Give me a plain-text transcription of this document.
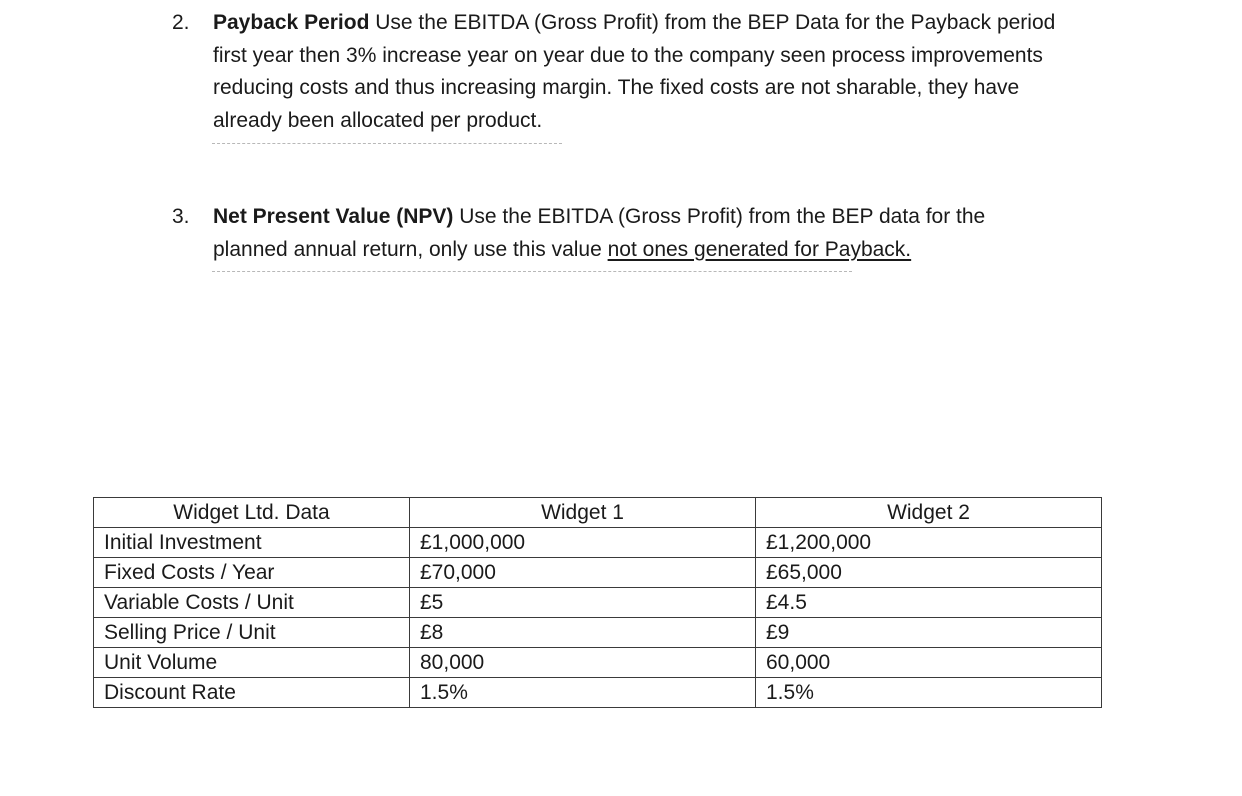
2. Payback Period Use the EBITDA (Gross Profit) from the BEP Data for the Payback period
first year then 3% increase year on year due to the company seen process improvements
reducing costs and thus increasing margin. The fixed costs are not sharable, they have
already been allocated per product.
3. Net Present Value (NPV) Use the EBITDA (Gross Profit) from the BEP data for the
planned annual return, only use this value not ones generated for Payback.
Widget Ltd. Data	Widget 1	Widget 2
Initial Investment	£1,000,000	£1,200,000
Fixed Costs / Year	£70,000	£65,000
Variable Costs / Unit	£5	£4.5
Selling Price / Unit	£8	£9
Unit Volume	80,000	60,000
Discount Rate	1.5%	1.5%
